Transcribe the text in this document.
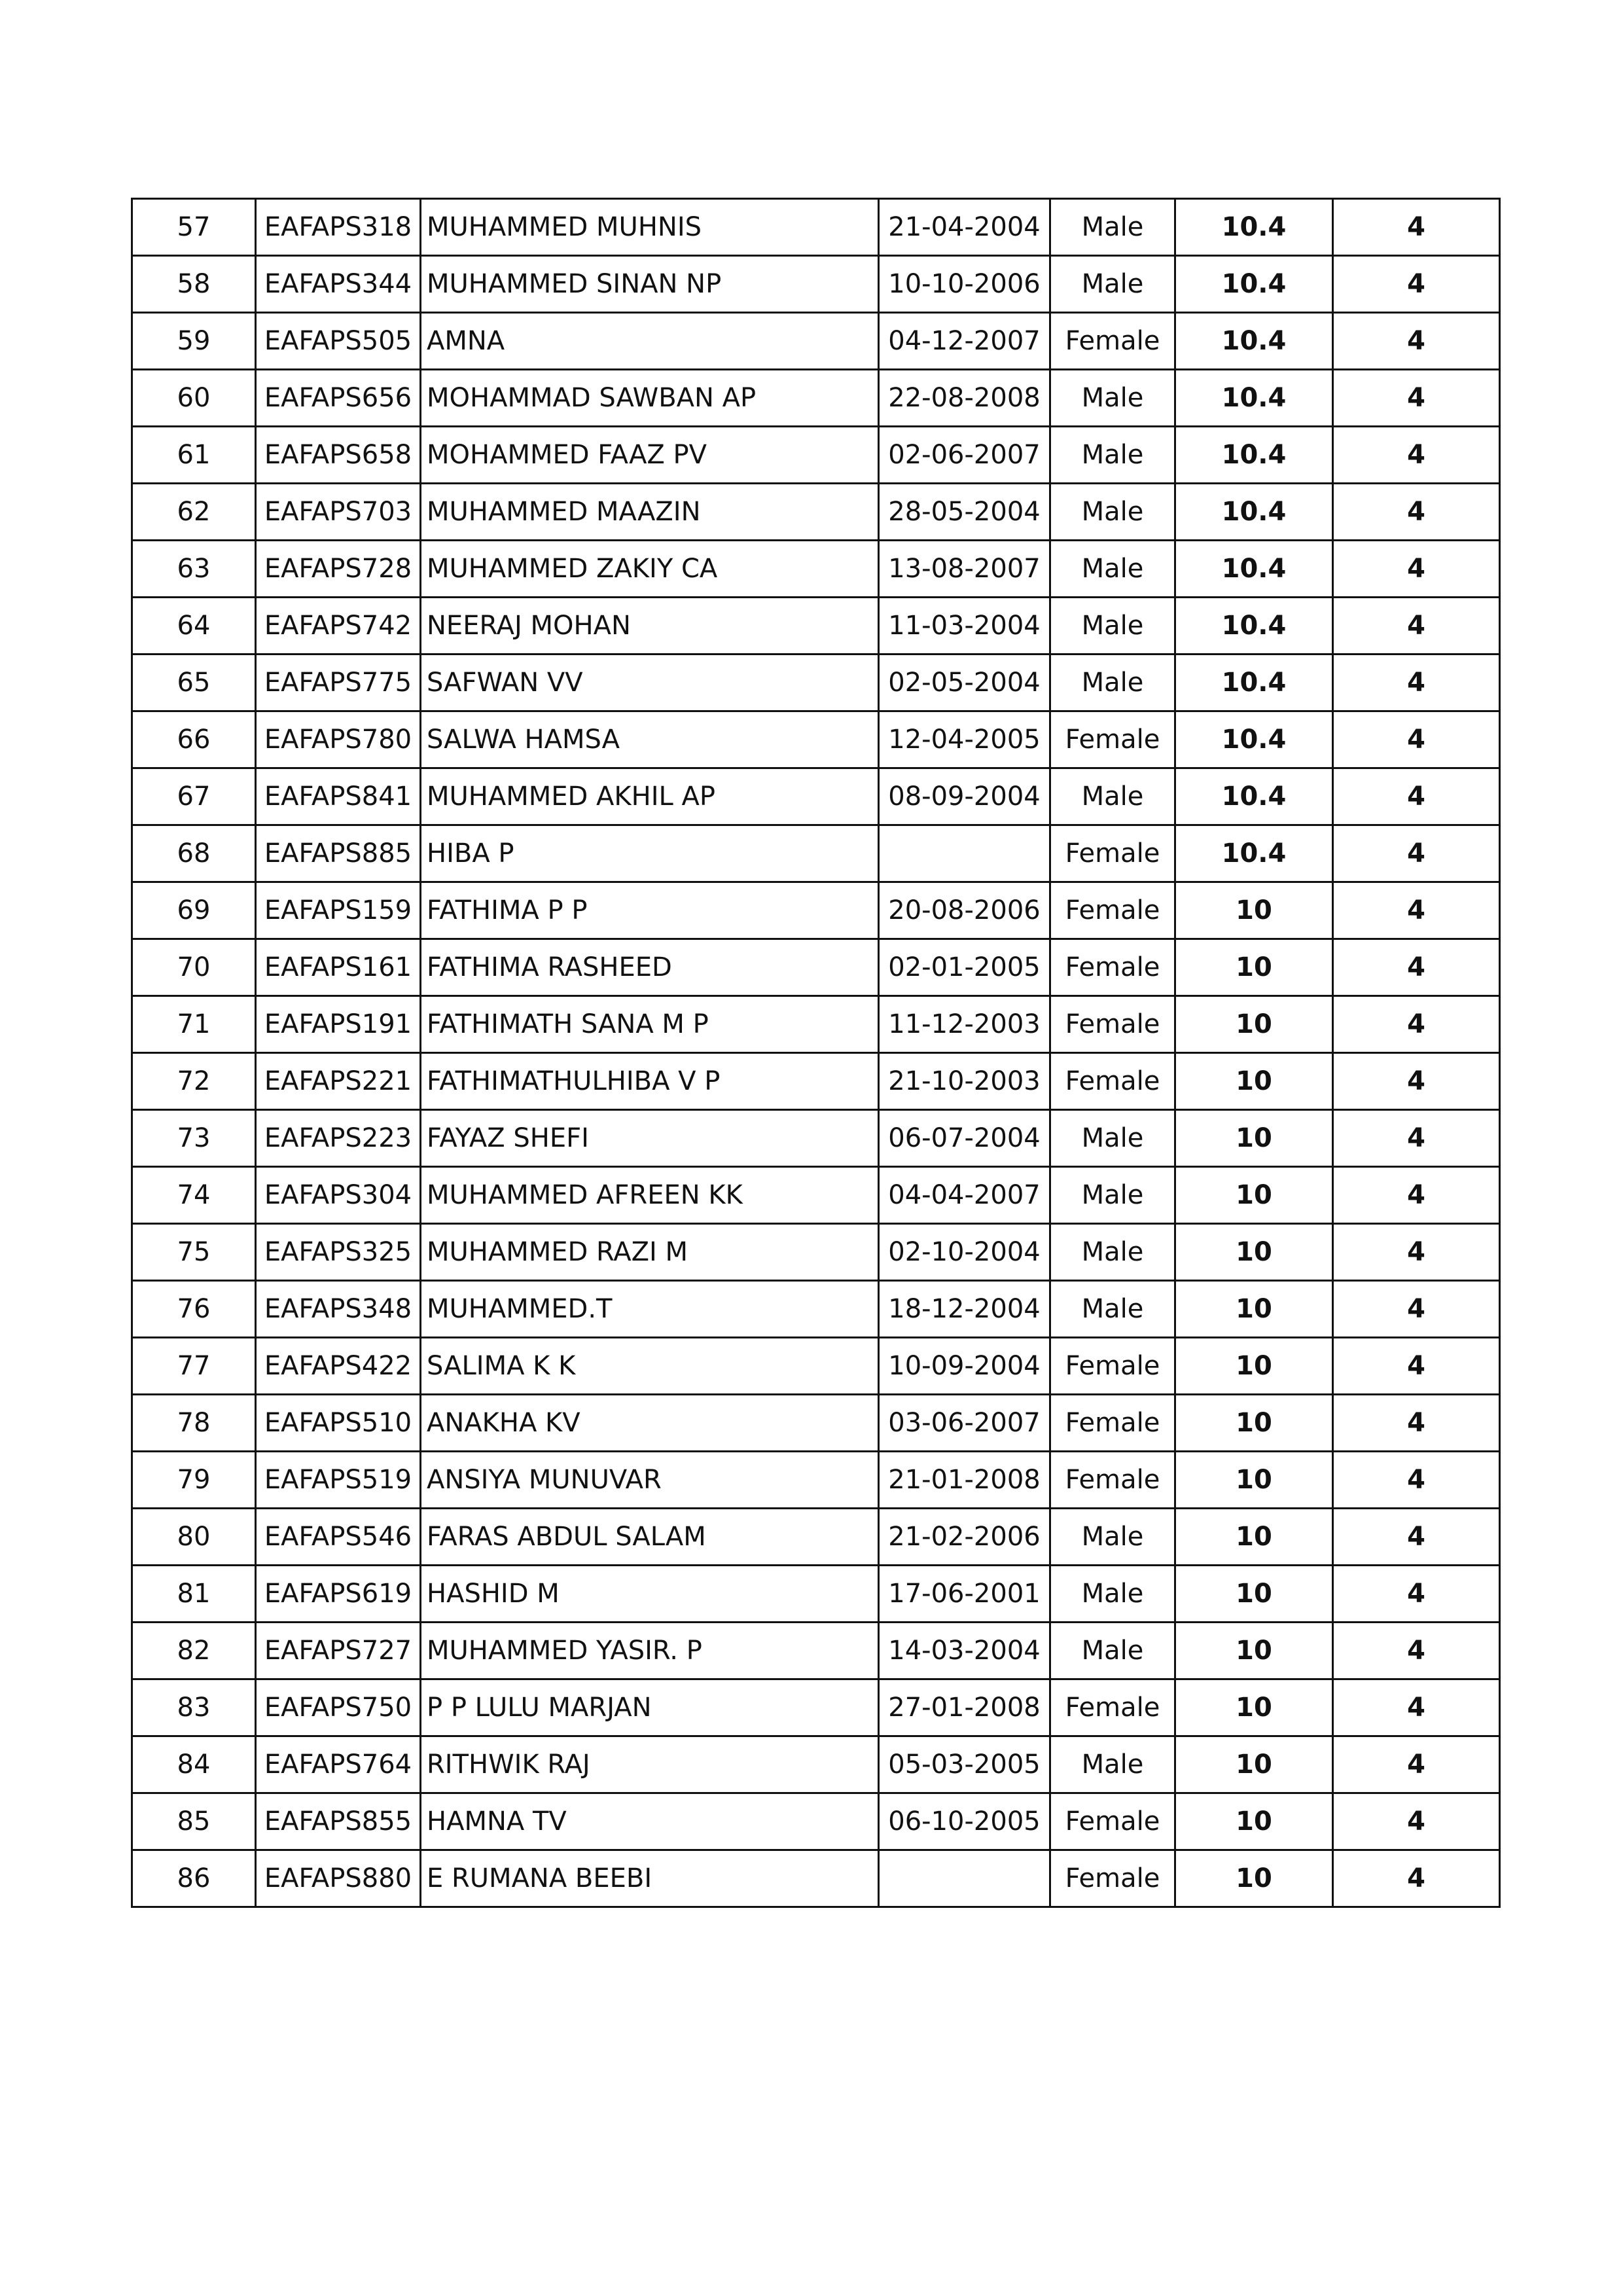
57	EAFAPS318	MUHAMMED MUHNIS	21-04-2004	Male	10.4	4
58	EAFAPS344	MUHAMMED SINAN NP	10-10-2006	Male	10.4	4
59	EAFAPS505	AMNA	04-12-2007	Female	10.4	4
60	EAFAPS656	MOHAMMAD SAWBAN AP	22-08-2008	Male	10.4	4
61	EAFAPS658	MOHAMMED FAAZ PV	02-06-2007	Male	10.4	4
62	EAFAPS703	MUHAMMED MAAZIN	28-05-2004	Male	10.4	4
63	EAFAPS728	MUHAMMED ZAKIY CA	13-08-2007	Male	10.4	4
64	EAFAPS742	NEERAJ MOHAN	11-03-2004	Male	10.4	4
65	EAFAPS775	SAFWAN VV	02-05-2004	Male	10.4	4
66	EAFAPS780	SALWA HAMSA	12-04-2005	Female	10.4	4
67	EAFAPS841	MUHAMMED AKHIL AP	08-09-2004	Male	10.4	4
68	EAFAPS885	HIBA P		Female	10.4	4
69	EAFAPS159	FATHIMA P P	20-08-2006	Female	10	4
70	EAFAPS161	FATHIMA RASHEED	02-01-2005	Female	10	4
71	EAFAPS191	FATHIMATH SANA M P	11-12-2003	Female	10	4
72	EAFAPS221	FATHIMATHULHIBA V P	21-10-2003	Female	10	4
73	EAFAPS223	FAYAZ SHEFI	06-07-2004	Male	10	4
74	EAFAPS304	MUHAMMED AFREEN KK	04-04-2007	Male	10	4
75	EAFAPS325	MUHAMMED RAZI M	02-10-2004	Male	10	4
76	EAFAPS348	MUHAMMED.T	18-12-2004	Male	10	4
77	EAFAPS422	SALIMA K K	10-09-2004	Female	10	4
78	EAFAPS510	ANAKHA KV	03-06-2007	Female	10	4
79	EAFAPS519	ANSIYA MUNUVAR	21-01-2008	Female	10	4
80	EAFAPS546	FARAS ABDUL SALAM	21-02-2006	Male	10	4
81	EAFAPS619	HASHID M	17-06-2001	Male	10	4
82	EAFAPS727	MUHAMMED YASIR. P	14-03-2004	Male	10	4
83	EAFAPS750	P P LULU MARJAN	27-01-2008	Female	10	4
84	EAFAPS764	RITHWIK RAJ	05-03-2005	Male	10	4
85	EAFAPS855	HAMNA TV	06-10-2005	Female	10	4
86	EAFAPS880	E RUMANA BEEBI		Female	10	4
